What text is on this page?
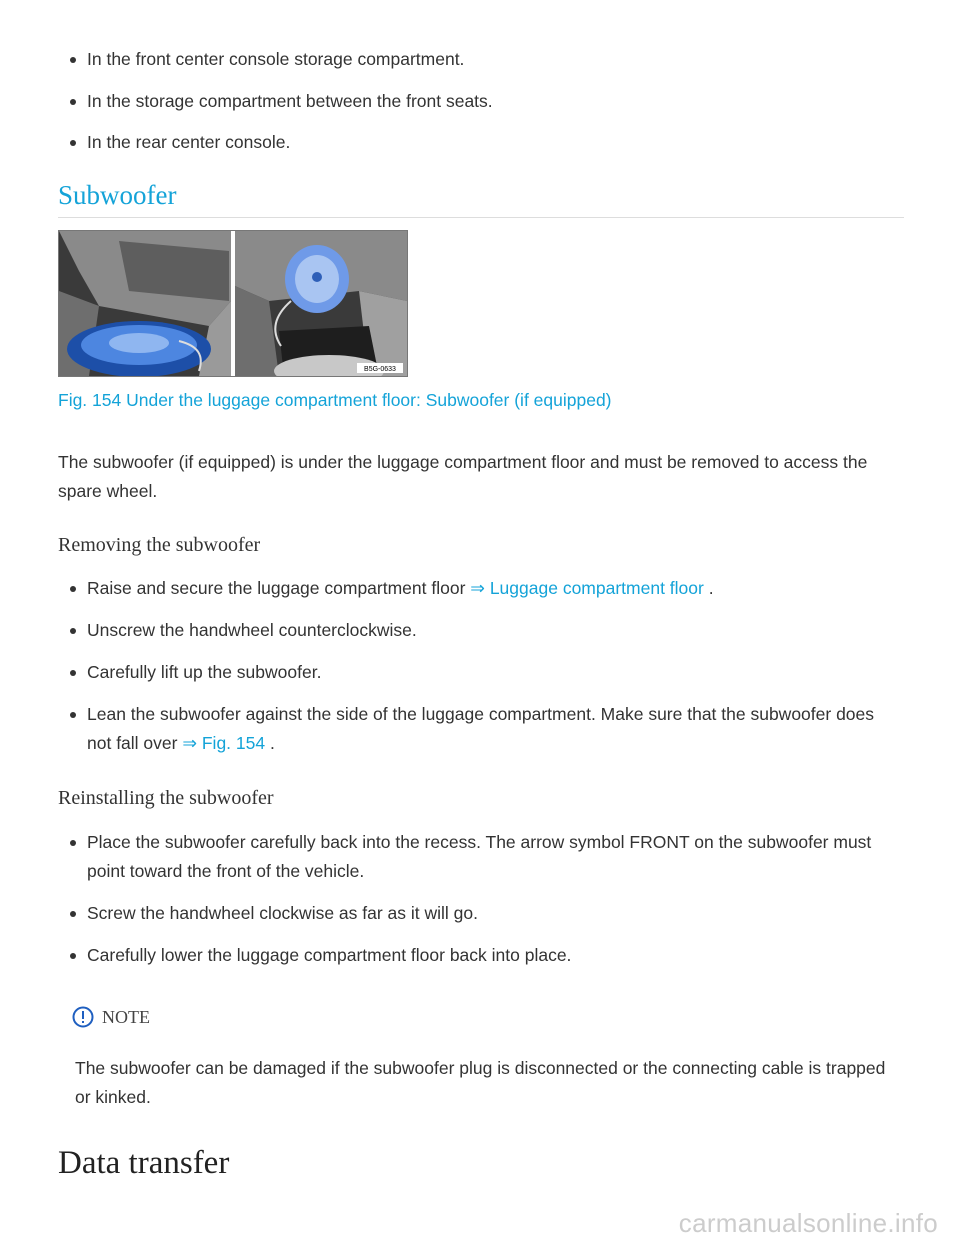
In the front center console storage compartment.
In the storage compartment between the front seats.
In the rear center console.
Subwoofer
B5G-0633
Fig. 154 Under the luggage compartment floor: Subwoofer (if equipped)

The subwoofer (if equipped) is under the luggage compartment floor and must be removed to access the spare wheel.

Removing the subwoofer
Raise and secure the luggage compartment floor ⇒ Luggage compartment floor .
Unscrew the handwheel counterclockwise.
Carefully lift up the subwoofer.
Lean the subwoofer against the side of the luggage compartment. Make sure that the subwoofer does not fall over ⇒ Fig. 154 .
Reinstalling the subwoofer
Place the subwoofer carefully back into the recess. The arrow symbol FRONT on the subwoofer must point toward the front of the vehicle.
Screw the handwheel clockwise as far as it will go.
Carefully lower the luggage compartment floor back into place.
NOTE

The subwoofer can be damaged if the subwoofer plug is disconnected or the connecting cable is trapped or kinked.

Data transfer
carmanualsonline.info
